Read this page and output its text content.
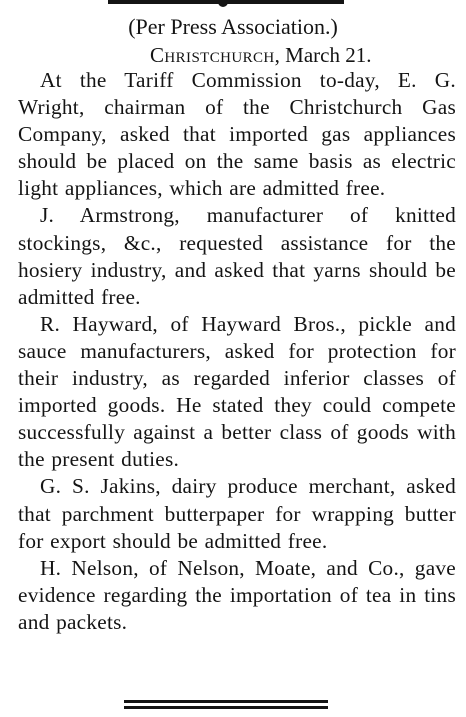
(Per Press Association.)
Christchurch, March 21.

At the Tariff Commission to-day, E. G. Wright, chairman of the Christchurch Gas Company, asked that imported gas appliances should be placed on the same basis as electric light appliances, which are admitted free.

J. Armstrong, manufacturer of knitted stockings, &c., requested assistance for the hosiery industry, and asked that yarns should be admitted free.

R. Hayward, of Hayward Bros., pickle and sauce manufacturers, asked for protection for their industry, as regarded inferior classes of imported goods. He stated they could compete successfully against a better class of goods with the present duties.

G. S. Jakins, dairy produce merchant, asked that parchment butterpaper for wrapping butter for export should be admitted free.

H. Nelson, of Nelson, Moate, and Co., gave evidence regarding the importation of tea in tins and packets.
